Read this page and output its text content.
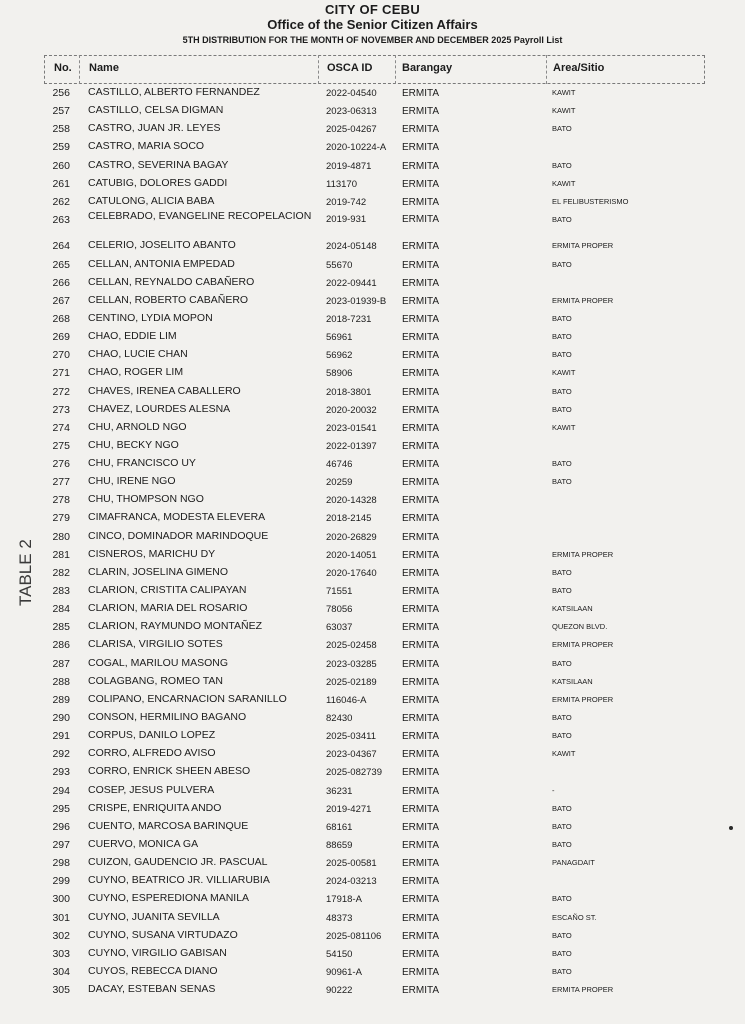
CITY OF CEBU
Office of the Senior Citizen Affairs
5TH DISTRIBUTION FOR THE MONTH OF NOVEMBER AND DECEMBER 2025 Payroll List
No. Name	OSCA ID	Barangay	Area/Sitio
256 CASTILLO, ALBERTO FERNANDEZ	2022-04540	ERMITA	KAWIT
257 CASTILLO, CELSA DIGMAN	2023-06313	ERMITA	KAWIT
258 CASTRO, JUAN JR. LEYES	2025-04267	ERMITA	BATO
259 CASTRO, MARIA SOCO	2020-10224-A ERMITA
260 CASTRO, SEVERINA BAGAY	2019-4871	ERMITA	BATO
261 CATUBIG, DOLORES GADDI	113170	ERMITA	KAWIT
262 CATULONG, ALICIA BABA	2019-742	ERMITA	EL FELIBUSTERISMO
263 CELEBRADO, EVANGELINE RECOPELACION	2019-931	ERMITA	BATO
264 CELERIO, JOSELITO ABANTO	2024-05148	ERMITA	ERMITA PROPER
265 CELLAN, ANTONIA EMPEDAD	55670	ERMITA	BATO
266 CELLAN, REYNALDO CABAÑERO	2022-09441	ERMITA
267 CELLAN, ROBERTO CABAÑERO	2023-01939-B ERMITA	ERMITA PROPER
268 CENTINO, LYDIA MOPON	2018-7231	ERMITA	BATO
269 CHAO, EDDIE LIM	56961	ERMITA	BATO
270 CHAO, LUCIE CHAN	56962	ERMITA	BATO
271 CHAO, ROGER LIM	58906	ERMITA	KAWIT
272 CHAVES, IRENEA CABALLERO	2018-3801	ERMITA	BATO
273 CHAVEZ, LOURDES ALESNA	2020-20032	ERMITA	BATO
274 CHU, ARNOLD NGO	2023-01541	ERMITA	KAWIT
275 CHU, BECKY NGO	2022-01397	ERMITA
276 CHU, FRANCISCO UY	46746	ERMITA	BATO
277 CHU, IRENE NGO	20259	ERMITA	BATO
278 CHU, THOMPSON NGO	2020-14328	ERMITA
279 CIMAFRANCA, MODESTA ELEVERA	2018-2145	ERMITA
280 CINCO, DOMINADOR MARINDOQUE	2020-26829	ERMITA
281 CISNEROS, MARICHU DY	2020-14051	ERMITA	ERMITA PROPER
282 CLARIN, JOSELINA GIMENO	2020-17640	ERMITA	BATO
283 CLARION, CRISTITA CALIPAYAN	71551	ERMITA	BATO
284 CLARION, MARIA DEL ROSARIO	78056	ERMITA	KATSILAAN
285 CLARION, RAYMUNDO MONTAÑEZ	63037	ERMITA	QUEZON BLVD.
286 CLARISA, VIRGILIO SOTES	2025-02458	ERMITA	ERMITA PROPER
287 COGAL, MARILOU MASONG	2023-03285	ERMITA	BATO
288 COLAGBANG, ROMEO TAN	2025-02189	ERMITA	KATSILAAN
289 COLIPANO, ENCARNACION SARANILLO	116046-A	ERMITA	ERMITA PROPER
290 CONSON, HERMILINO BAGANO	82430	ERMITA	BATO
291 CORPUS, DANILO LOPEZ	2025-03411	ERMITA	BATO
292 CORRO, ALFREDO AVISO	2023-04367	ERMITA	KAWIT
293 CORRO, ENRICK SHEEN ABESO	2025-082739 ERMITA
294 COSEP, JESUS PULVERA	36231	ERMITA	-
295 CRISPE, ENRIQUITA ANDO	2019-4271	ERMITA	BATO
296 CUENTO, MARCOSA BARINQUE	68161	ERMITA	BATO
297 CUERVO, MONICA GA	88659	ERMITA	BATO
298 CUIZON, GAUDENCIO JR. PASCUAL	2025-00581	ERMITA	PANAGDAIT
299 CUYNO, BEATRICO JR. VILLIARUBIA	2024-03213	ERMITA
300 CUYNO, ESPEREDIONA MANILA	17918-A	ERMITA	BATO
301 CUYNO, JUANITA SEVILLA	48373	ERMITA	ESCAÑO ST.
302 CUYNO, SUSANA VIRTUDAZO	2025-081106 ERMITA	BATO
303 CUYNO, VIRGILIO GABISAN	54150	ERMITA	BATO
304 CUYOS, REBECCA DIANO	90961-A	ERMITA	BATO
305 DACAY, ESTEBAN SENAS	90222	ERMITA	ERMITA PROPER
TABLE 2
